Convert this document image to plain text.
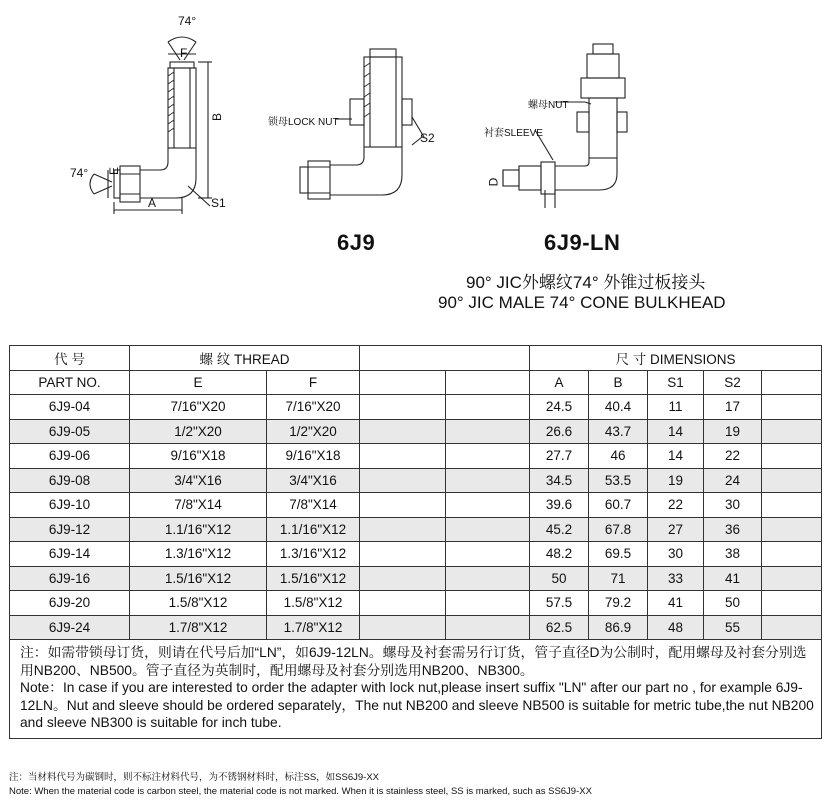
74°
F
B
74° E
A	S1
锁母LOCK NUT
S2
6J9
螺母NUT
衬套SLEEVE
D
6J9-LN
90° JIC外螺纹74° 外锥过板接头
90° JIC MALE 74° CONE BULKHEAD
代 号	螺 纹 THREAD				尺 寸 DIMENSIONS				
PART NO.	E	F			A	B	S1	S2	
6J9-04	7/16"X20	7/16"X20			24.5	40.4	11	17	
6J9-05	1/2"X20	1/2"X20			26.6	43.7	14	19	
6J9-06	9/16"X18	9/16"X18			27.7	46	14	22	
6J9-08	3/4"X16	3/4"X16			34.5	53.5	19	24	
6J9-10	7/8"X14	7/8"X14			39.6	60.7	22	30	
6J9-12	1.1/16"X12	1.1/16"X12			45.2	67.8	27	36	
6J9-14	1.3/16"X12	1.3/16"X12			48.2	69.5	30	38	
6J9-16	1.5/16"X12	1.5/16"X12			50	71	33	41	
6J9-20	1.5/8"X12	1.5/8"X12			57.5	79.2	41	50	
6J9-24	1.7/8"X12	1.7/8"X12			62.5	86.9	48	55	

注：如需带锁母订货，则请在代号后加“LN”，如6J9-12LN。螺母及衬套需另行订货，管子直径D为公制时，配用螺母及衬套分别选用NB200、NB500。管子直径为英制时，配用螺母及衬套分别选用NB200、NB300。
Note：In case if you are interested to order the adapter with lock nut,please insert suffix "LN" after our part no , for example 6J9-12LN。Nut and sleeve should be ordered separately，The nut NB200 and sleeve NB500 is suitable for metric tube,the nut NB200 and sleeve NB300 is suitable for inch tube.									
注：当材料代号为碳钢时，则不标注材料代号，为不锈钢材料时，标注SS，如SS6J9-XX
Note: When the material code is carbon steel, the material code is not marked. When it is stainless steel, SS is marked, such as SS6J9-XX
